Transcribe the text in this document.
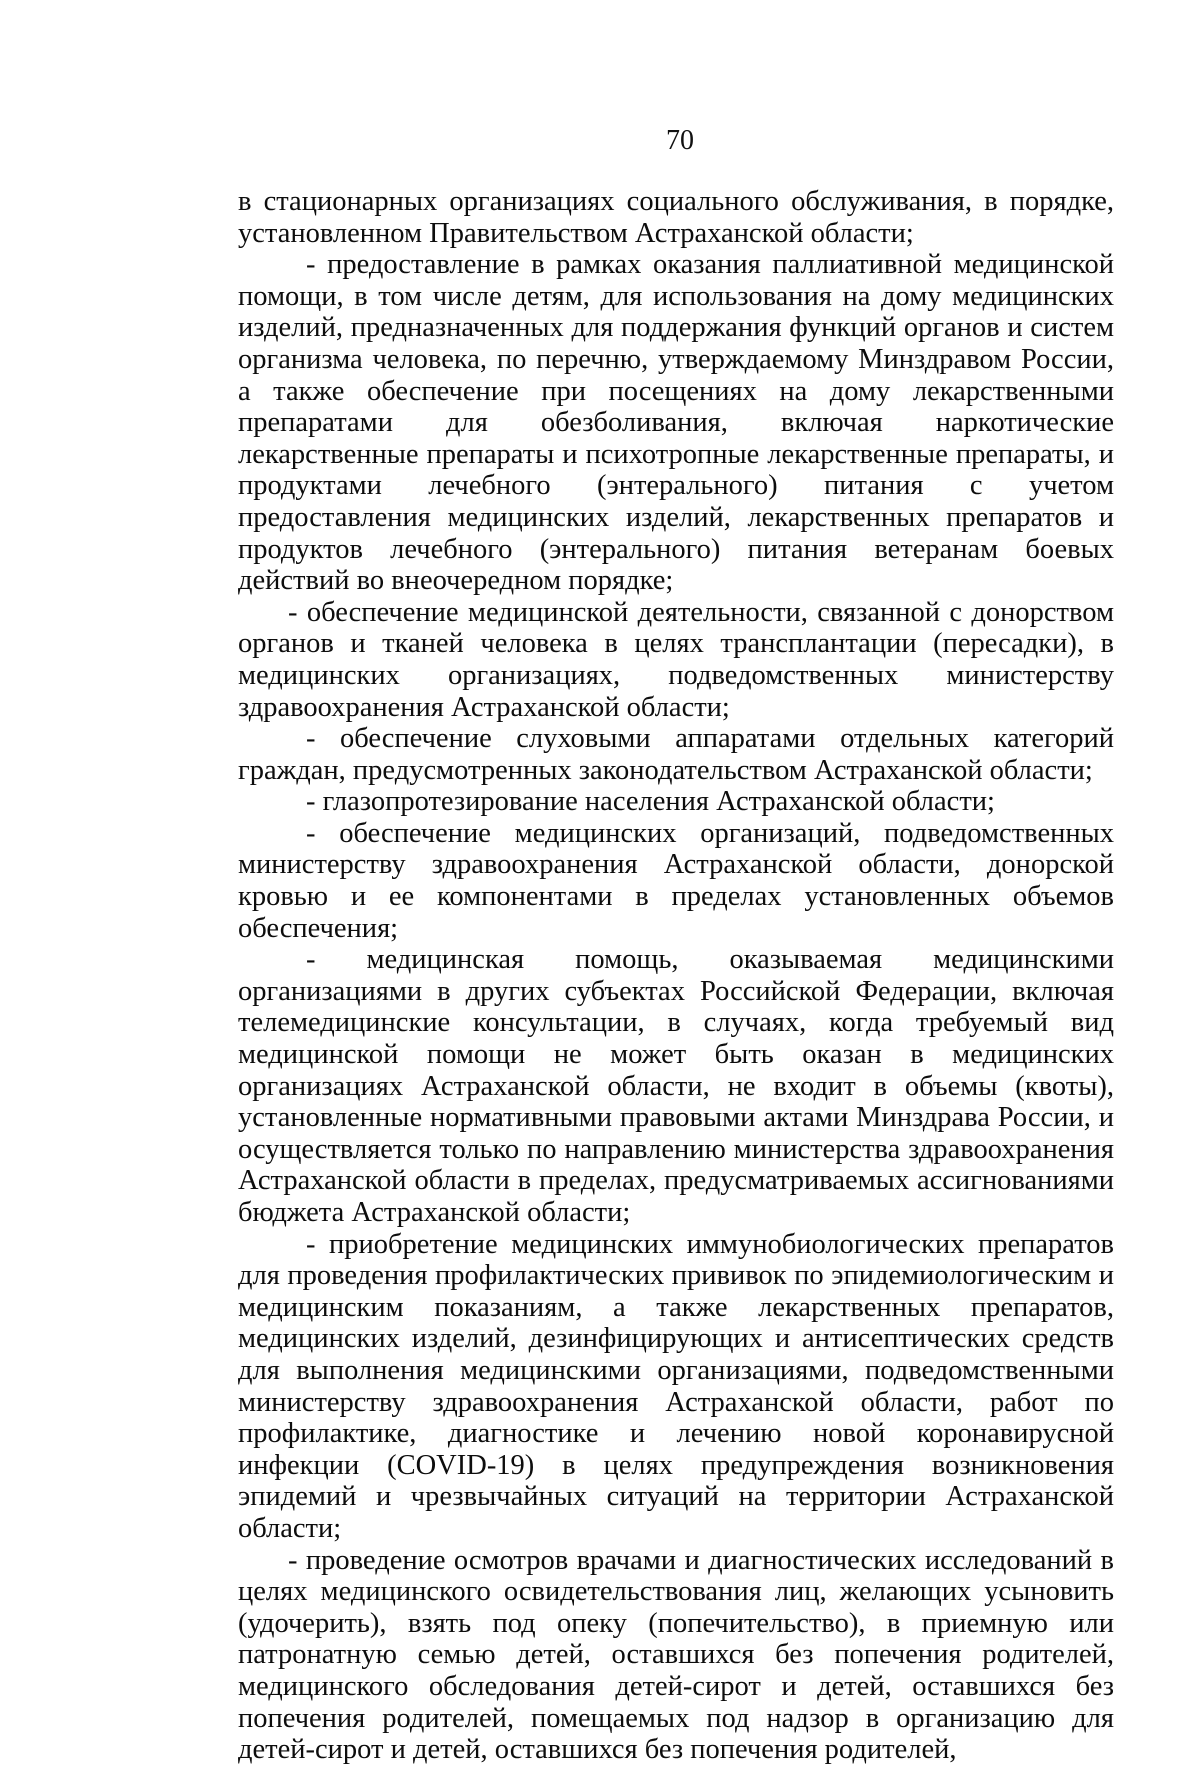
70

в стационарных организациях социального обслуживания, в порядке, установленном Правительством Астраханской области;

- предоставление в рамках оказания паллиативной медицинской помощи, в том числе детям, для использования на дому медицинских изделий, предназначенных для поддержания функций органов и систем организма человека, по перечню, утверждаемому Минздравом России, а также обеспечение при посещениях на дому лекарственными препаратами для обезболивания, включая наркотические лекарственные препараты и психотропные лекарственные препараты, и продуктами лечебного (энтерального) питания с учетом предоставления медицинских изделий, лекарственных препаратов и продуктов лечебного (энтерального) питания ветеранам боевых действий во внеочередном порядке;

- обеспечение медицинской деятельности, связанной с донорством органов и тканей человека в целях трансплантации (пересадки), в медицинских организациях, подведомственных министерству здравоохранения Астраханской области;

- обеспечение слуховыми аппаратами отдельных категорий граждан, предусмотренных законодательством Астраханской области;

- глазопротезирование населения Астраханской области;

- обеспечение медицинских организаций, подведомственных министерству здравоохранения Астраханской области, донорской кровью и ее компонентами в пределах установленных объемов обеспечения;

- медицинская помощь, оказываемая медицинскими организациями в других субъектах Российской Федерации, включая телемедицинские консультации, в случаях, когда требуемый вид медицинской помощи не может быть оказан в медицинских организациях Астраханской области, не входит в объемы (квоты), установленные нормативными правовыми актами Минздрава России, и осуществляется только по направлению министерства здравоохранения Астраханской области в пределах, предусматриваемых ассигнованиями бюджета Астраханской области;

- приобретение медицинских иммунобиологических препаратов для проведения профилактических прививок по эпидемиологическим и медицинским показаниям, а также лекарственных препаратов, медицинских изделий, дезинфицирующих и антисептических средств для выполнения медицинскими организациями, подведомственными министерству здравоохранения Астраханской области, работ по профилактике, диагностике и лечению новой коронавирусной инфекции (COVID-19) в целях предупреждения возникновения эпидемий и чрезвычайных ситуаций на территории Астраханской области;

- проведение осмотров врачами и диагностических исследований в целях медицинского освидетельствования лиц, желающих усыновить (удочерить), взять под опеку (попечительство), в приемную или патронатную семью детей, оставшихся без попечения родителей, медицинского обследования детей-сирот и детей, оставшихся без попечения родителей, помещаемых под надзор в организацию для детей-сирот и детей, оставшихся без попечения родителей,
